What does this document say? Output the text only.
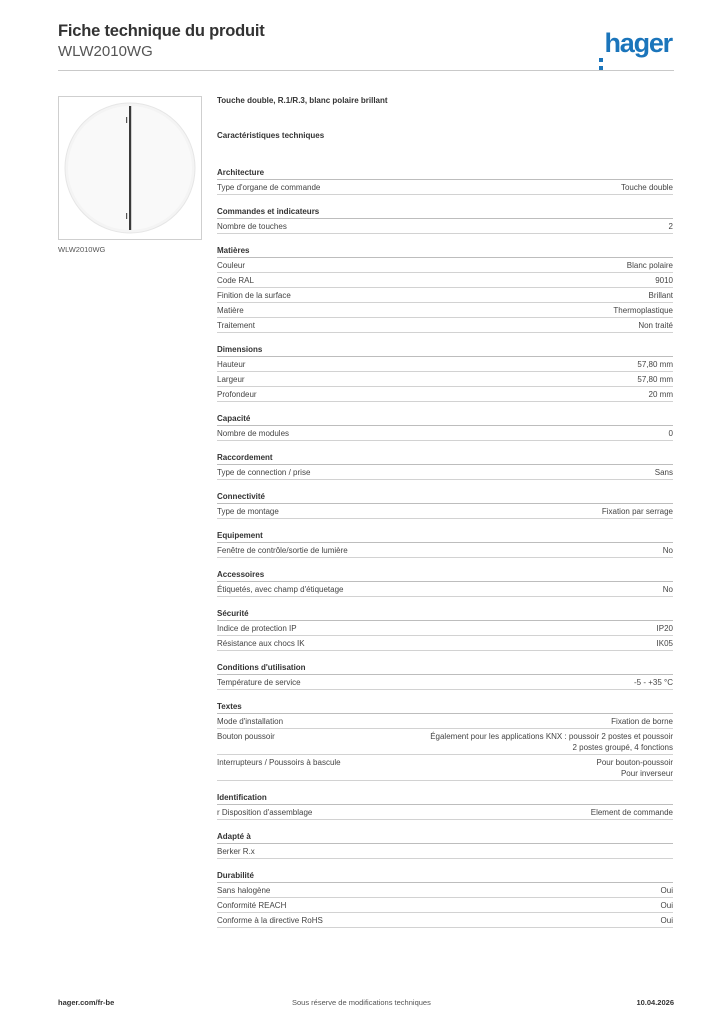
Fiche technique du produit
WLW2010WG	hager
WLW2010WG
Touche double, R.1/R.3, blanc polaire brillant
Caractéristiques techniques
Architecture
Type d'organe de commande	Touche double
Commandes et indicateurs
Nombre de touches	2
Matières
Couleur	Blanc polaire
Code RAL	9010
Finition de la surface	Brillant
Matière	Thermoplastique
Traitement	Non traité
Dimensions
Hauteur	57,80 mm
Largeur	57,80 mm
Profondeur	20 mm
Capacité
Nombre de modules	0
Raccordement
Type de connection / prise	Sans
Connectivité
Type de montage	Fixation par serrage
Equipement
Fenêtre de contrôle/sortie de lumière	No
Accessoires
Étiquetés, avec champ d'étiquetage	No
Sécurité
Indice de protection IP	IP20
Résistance aux chocs IK	IK05
Conditions d'utilisation
Température de service	-5 - +35 °C
Textes
Mode d'installation	Fixation de borne
Bouton poussoir	Également pour les applications KNX : poussoir 2 postes et poussoir
2 postes groupé, 4 fonctions
Interrupteurs / Poussoirs à bascule	Pour bouton-poussoir
Pour inverseur
Identification
r Disposition d'assemblage	Element de commande
Adapté à
Berker R.x
Durabilité
Sans halogène	Oui
Conformité REACH	Oui
Conforme à la directive RoHS	Oui
hager.com/fr-be	Sous réserve de modifications techniques	10.04.2026
